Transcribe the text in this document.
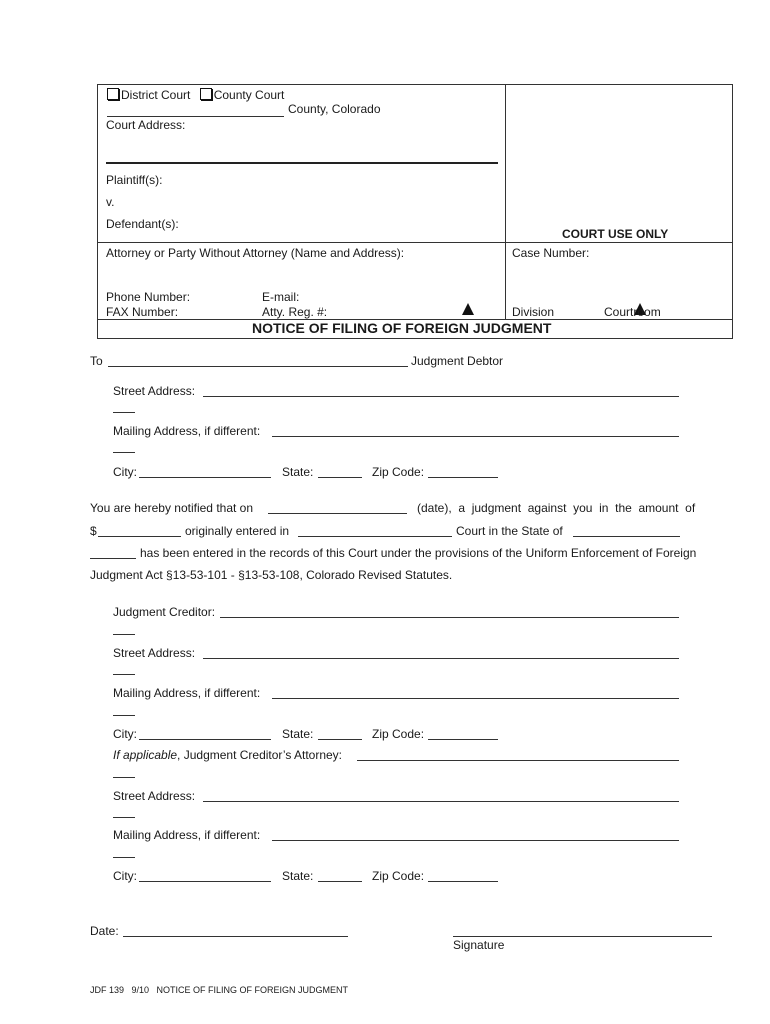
District Court County Court
County, Colorado
Court Address:
Plaintiff(s):
v.
Defendant(s):
COURT USE ONLY
Attorney or Party Without Attorney (Name and Address):	Case Number:
Phone Number:	E-mail:
FAX Number:	Atty. Reg. #:	Division	Courtroom
NOTICE OF FILING OF FOREIGN JUDGMENT
To	Judgment Debtor
Street Address:
Mailing Address, if different:
City:	State:	Zip Code:
You are hereby notified that on	(date),  a  judgment  against  you  in  the  amount  of
$	originally entered in	Court in the State of
has been entered in the records of this Court under the provisions of the Uniform Enforcement of Foreign
Judgment Act §13-53-101 - §13-53-108, Colorado Revised Statutes.
Judgment Creditor:
Street Address:
Mailing Address, if different:
City:	State:	Zip Code:
If applicable, Judgment Creditor’s Attorney:
Street Address:
Mailing Address, if different:
City:	State:	Zip Code:
Date:
Signature
JDF 139   9/10   NOTICE OF FILING OF FOREIGN JUDGMENT
